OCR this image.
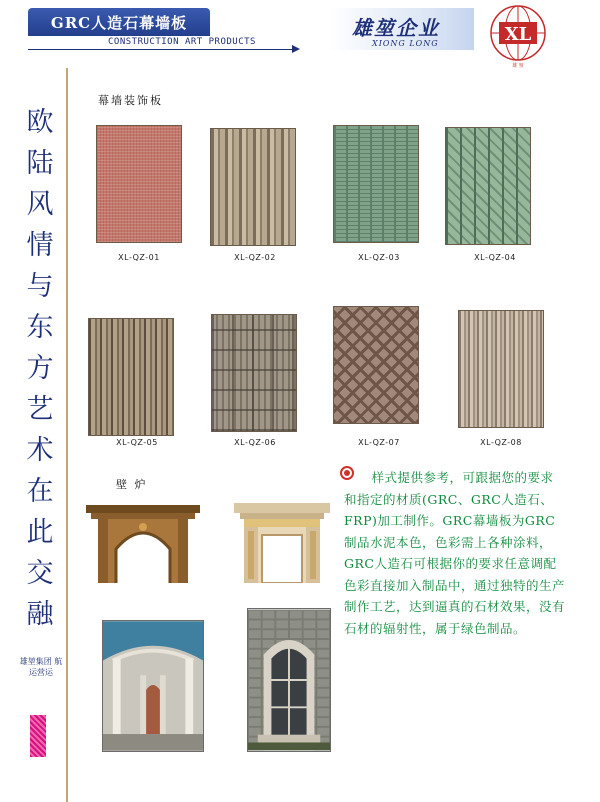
GRC人造石幕墙板
CONSTRUCTION ART PRODUCTS
雄堃企业
XIONG LONG	XL
雄 堃
欧
陆
风
情
与
东
方
艺
术
在
此
交
融
雄堃集团 航运营运
幕墙装饰板
XL-QZ-01	XL-QZ-02	XL-QZ-03	XL-QZ-04
XL-QZ-05	XL-QZ-06	XL-QZ-07	XL-QZ-08
壁 炉	样式提供参考，可跟据您的要求和指定的材质(GRC、GRC人造石、FRP)加工制作。GRC幕墙板为GRC制品水泥本色，色彩需上各种涂料，GRC人造石可根据你的要求任意调配色彩直接加入制品中，通过独特的生产制作工艺，达到逼真的石材效果，没有石材的辐射性，属于绿色制品。
